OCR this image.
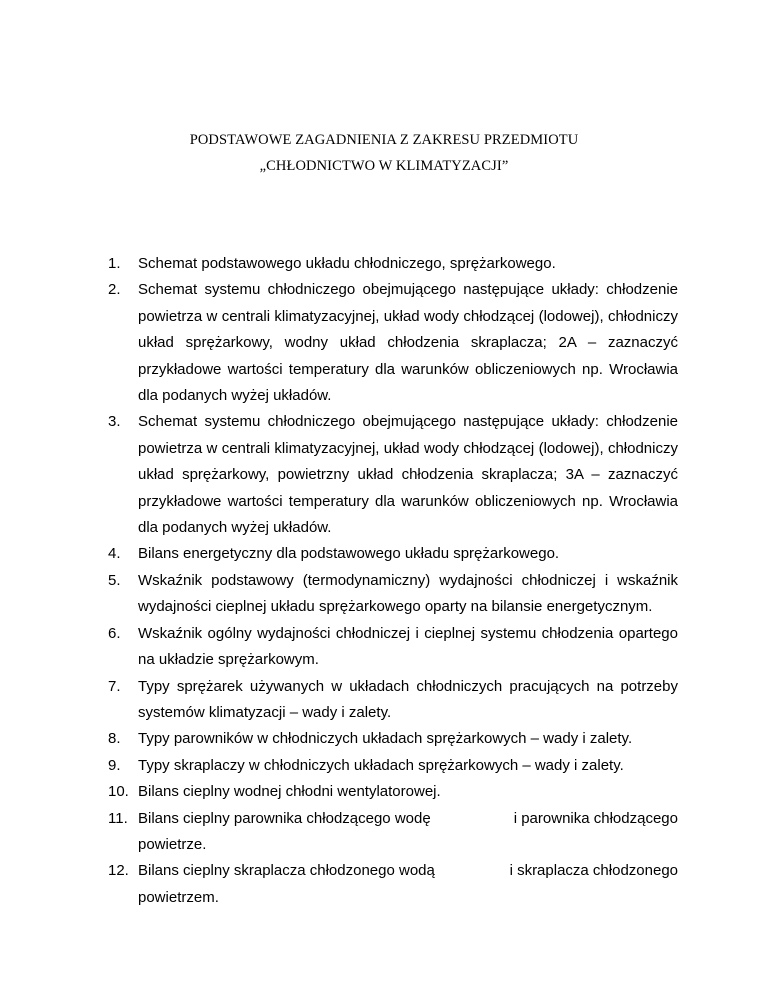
PODSTAWOWE ZAGADNIENIA Z ZAKRESU PRZEDMIOTU
„CHŁODNICTWO W KLIMATYZACJI”
1.	Schemat podstawowego układu chłodniczego, sprężarkowego.
2.	Schemat systemu chłodniczego obejmującego następujące układy: chłodzenie powietrza w centrali klimatyzacyjnej, układ wody chłodzącej (lodowej), chłodniczy układ sprężarkowy, wodny układ chłodzenia skraplacza; 2A – zaznaczyć przykładowe wartości temperatury dla warunków obliczeniowych np. Wrocławia dla podanych wyżej układów.
3.	Schemat systemu chłodniczego obejmującego następujące układy: chłodzenie powietrza w centrali klimatyzacyjnej, układ wody chłodzącej (lodowej), chłodniczy układ sprężarkowy, powietrzny układ chłodzenia skraplacza; 3A – zaznaczyć przykładowe wartości temperatury dla warunków obliczeniowych np. Wrocławia dla podanych wyżej układów.
4.	Bilans energetyczny dla podstawowego układu sprężarkowego.
5.	Wskaźnik podstawowy (termodynamiczny) wydajności chłodniczej i wskaźnik wydajności cieplnej układu sprężarkowego oparty na bilansie energetycznym.
6.	Wskaźnik ogólny wydajności chłodniczej i cieplnej systemu chłodzenia opartego na układzie sprężarkowym.
7.	Typy sprężarek używanych w układach chłodniczych pracujących na potrzeby systemów klimatyzacji – wady i zalety.
8.	Typy parowników w chłodniczych układach sprężarkowych – wady i zalety.
9.	Typy skraplaczy w chłodniczych układach sprężarkowych – wady i zalety.
10. Bilans cieplny wodnej chłodni wentylatorowej.
11. Bilans cieplny parownika chłodzącego wodę	i parownika chłodzącego
powietrze.
12. Bilans cieplny skraplacza chłodzonego wodą	i skraplacza chłodzonego
powietrzem.
